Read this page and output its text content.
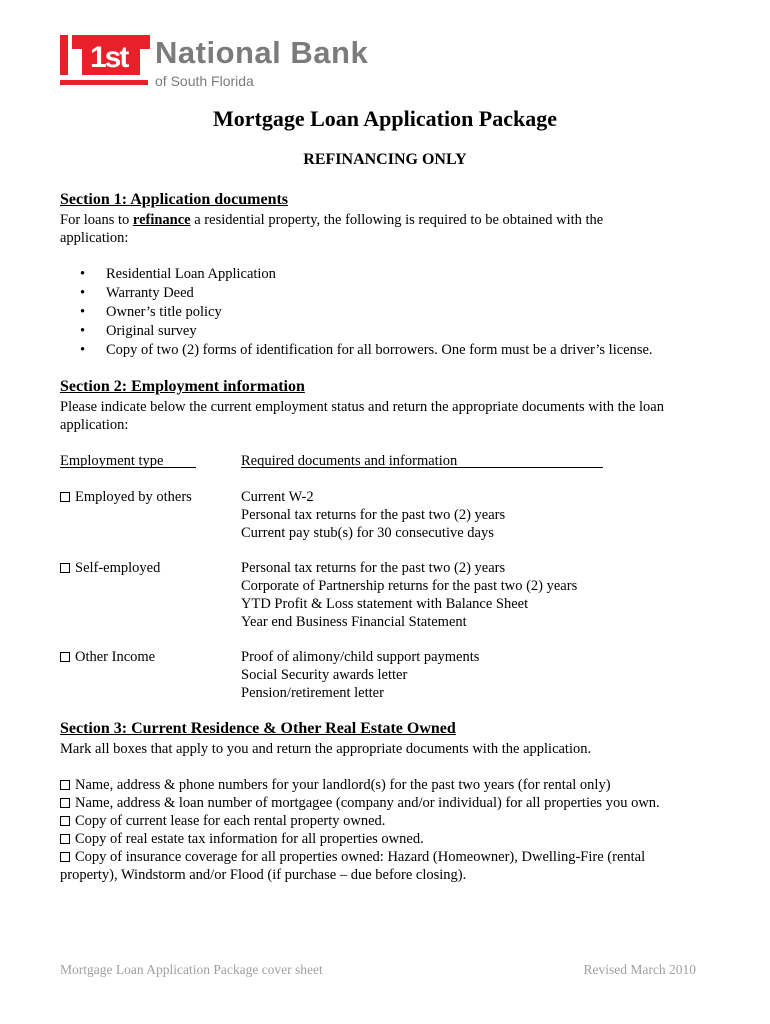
1st National Bank
of South Florida
Mortgage Loan Application Package
REFINANCING ONLY
Section 1: Application documents
For loans to refinance a residential property, the following is required to be obtained with the
application:
• Residential Loan Application
• Warranty Deed
• Owner’s title policy
• Original survey
• Copy of two (2) forms of identification for all borrowers. One form must be a driver’s license.
Section 2: Employment information
Please indicate below the current employment status and return the appropriate documents with the loan
application:
Employment type	Required documents and information
Employed by others	Current W-2
Personal tax returns for the past two (2) years
Current pay stub(s) for 30 consecutive days
Self-employed	Personal tax returns for the past two (2) years
Corporate of Partnership returns for the past two (2) years
YTD Profit & Loss statement with Balance Sheet
Year end Business Financial Statement
Other Income	Proof of alimony/child support payments
Social Security awards letter
Pension/retirement letter
Section 3: Current Residence & Other Real Estate Owned
Mark all boxes that apply to you and return the appropriate documents with the application.
Name, address & phone numbers for your landlord(s) for the past two years (for rental only)
Name, address & loan number of mortgagee (company and/or individual) for all properties you own.
Copy of current lease for each rental property owned.
Copy of real estate tax information for all properties owned.
Copy of insurance coverage for all properties owned: Hazard (Homeowner), Dwelling-Fire (rental
property), Windstorm and/or Flood (if purchase – due before closing).
Mortgage Loan Application Package cover sheet	Revised March 2010
